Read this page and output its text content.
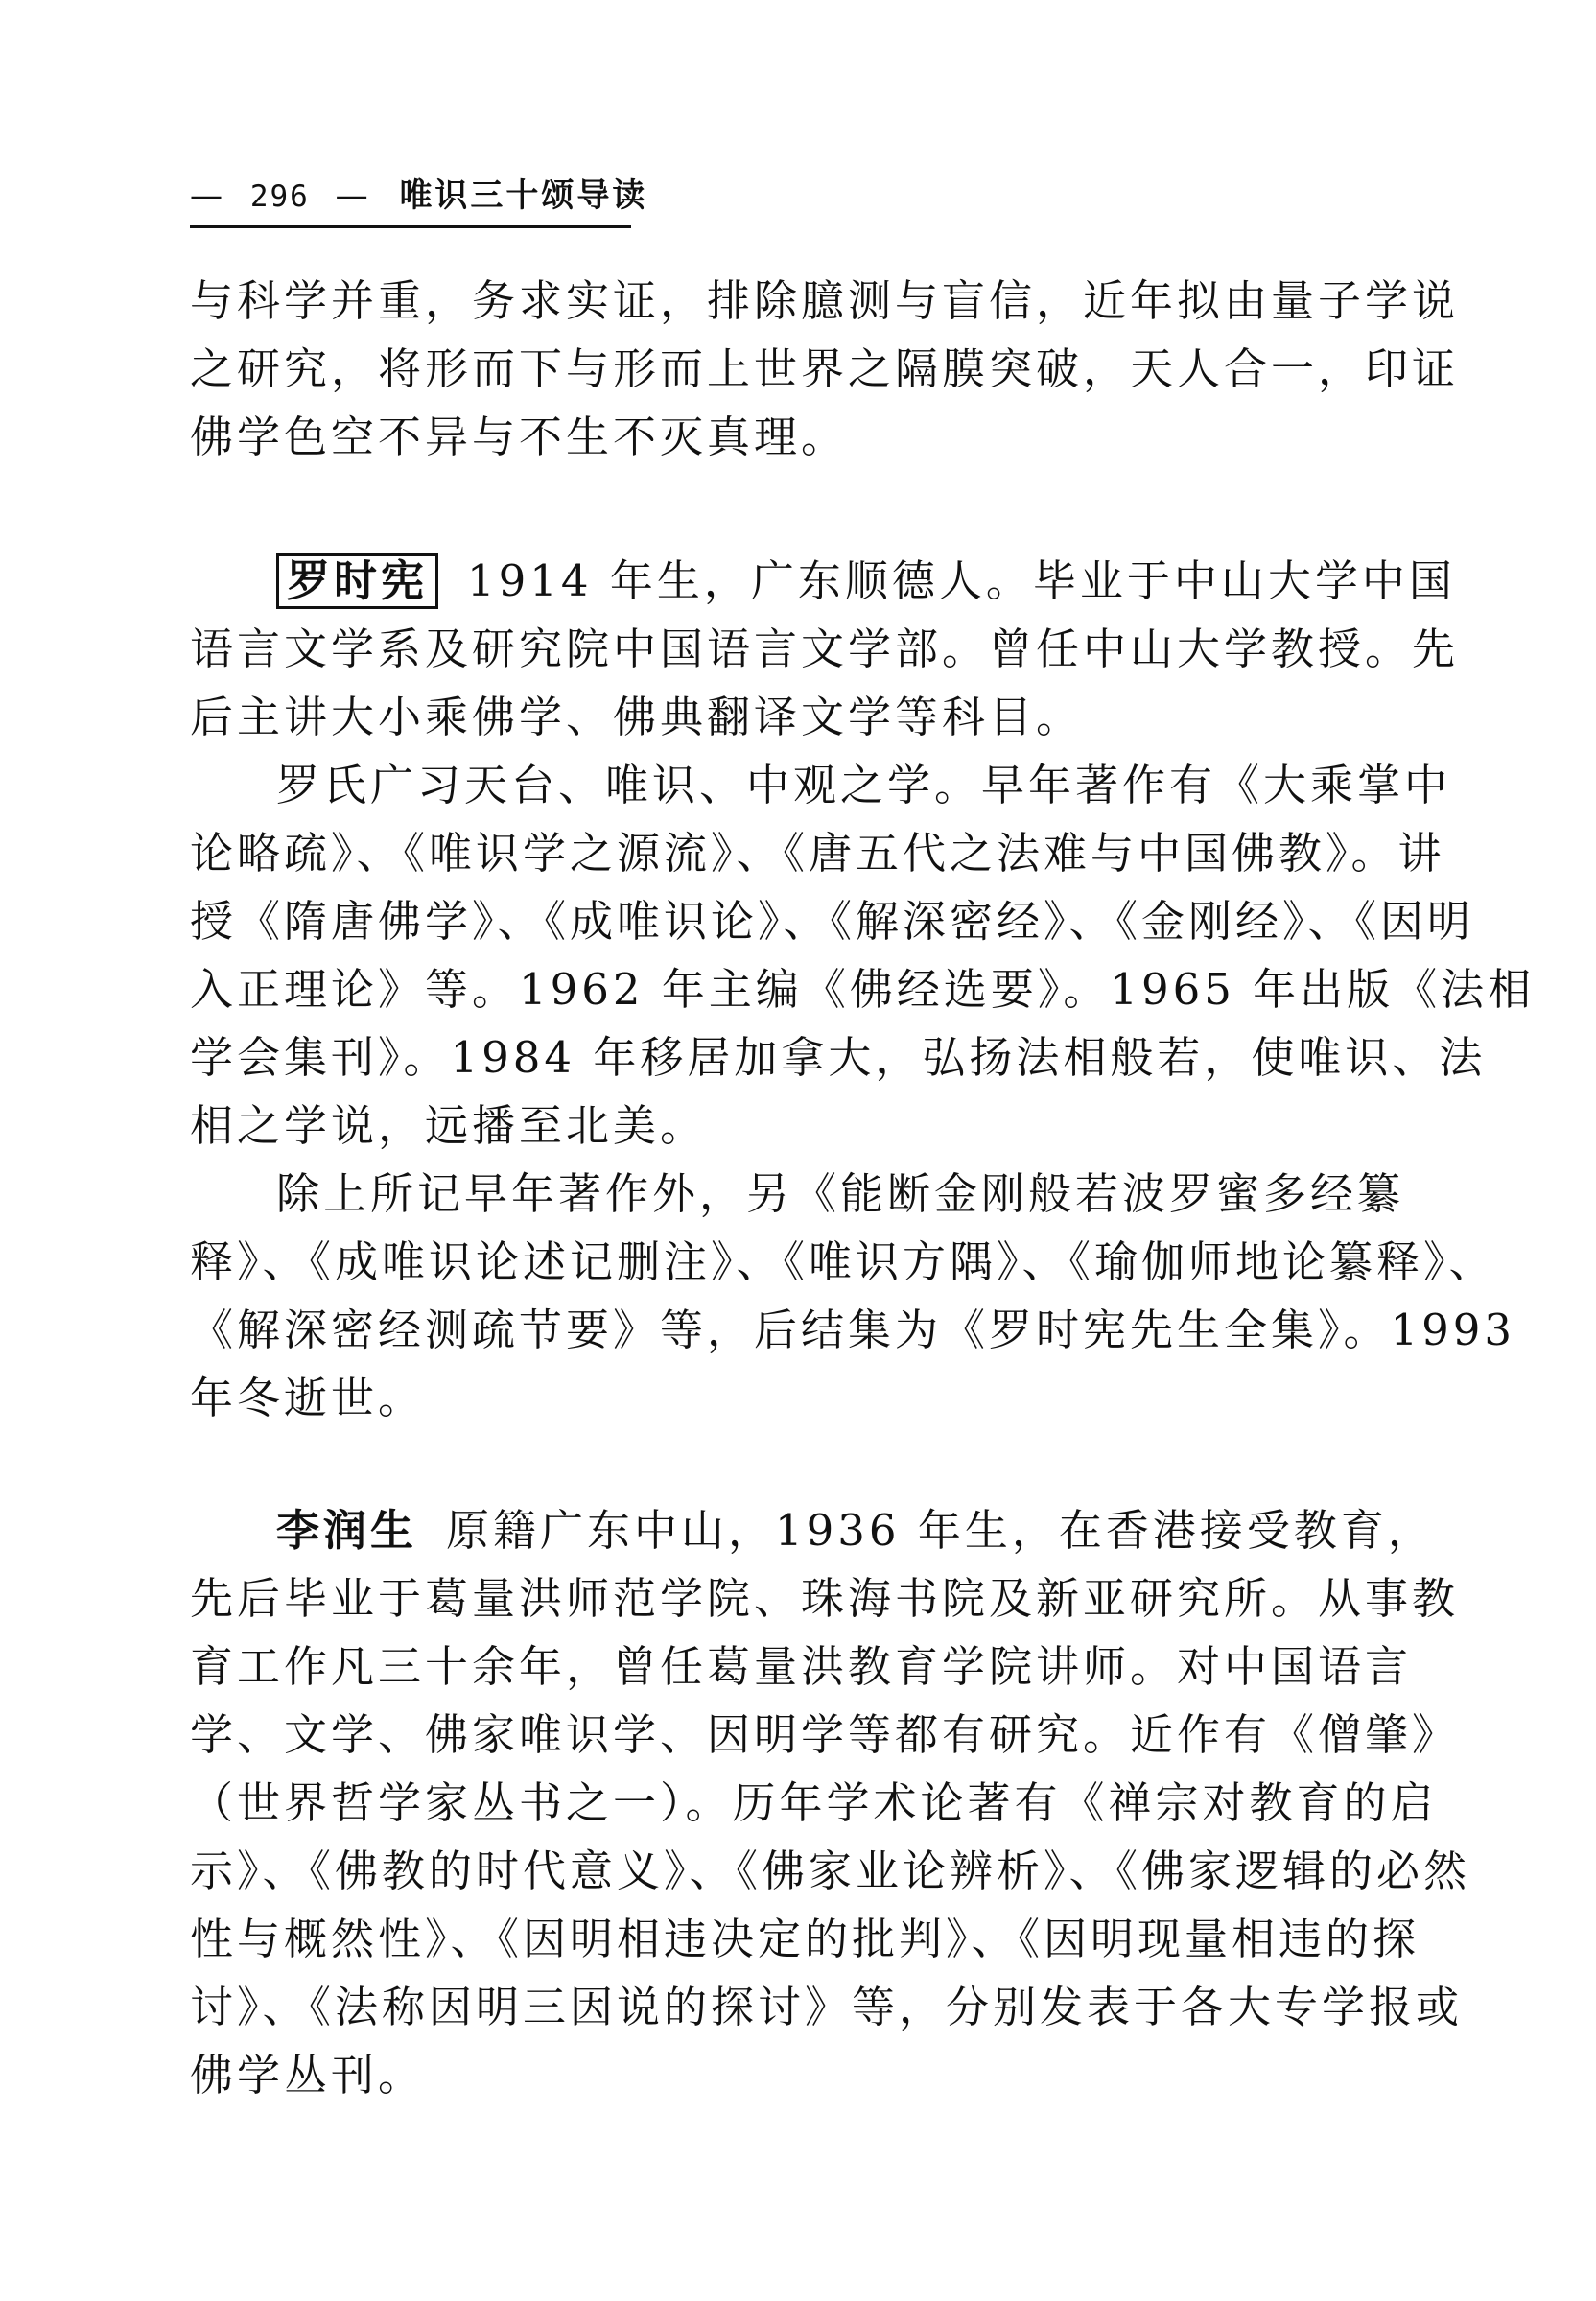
— 296 — 唯识三十颂导读
与科学并重，务求实证，排除臆测与盲信，近年拟由量子学说
之研究，将形而下与形而上世界之隔膜突破，天人合一，印证
佛学色空不异与不生不灭真理。
罗时宪 1914 年生，广东顺德人。毕业于中山大学中国
语言文学系及研究院中国语言文学部。曾任中山大学教授。先
后主讲大小乘佛学、佛典翻译文学等科目。
罗氏广习天台、唯识、中观之学。早年著作有《大乘掌中
论略疏》、《唯识学之源流》、《唐五代之法难与中国佛教》。讲
授《隋唐佛学》、《成唯识论》、《解深密经》、《金刚经》、《因明
入正理论》等。1962 年主编《佛经选要》。1965 年出版《法相
学会集刊》。1984 年移居加拿大，弘扬法相般若，使唯识、法
相之学说，远播至北美。
除上所记早年著作外，另《能断金刚般若波罗蜜多经纂
释》、《成唯识论述记删注》、《唯识方隅》、《瑜伽师地论纂释》、
《解深密经测疏节要》等，后结集为《罗时宪先生全集》。1993
年冬逝世。
李润生 原籍广东中山，1936 年生，在香港接受教育，
先后毕业于葛量洪师范学院、珠海书院及新亚研究所。从事教
育工作凡三十余年，曾任葛量洪教育学院讲师。对中国语言
学、文学、佛家唯识学、因明学等都有研究。近作有《僧肇》
（世界哲学家丛书之一）。历年学术论著有《禅宗对教育的启
示》、《佛教的时代意义》、《佛家业论辨析》、《佛家逻辑的必然
性与概然性》、《因明相违决定的批判》、《因明现量相违的探
讨》、《法称因明三因说的探讨》等，分别发表于各大专学报或
佛学丛刊。
